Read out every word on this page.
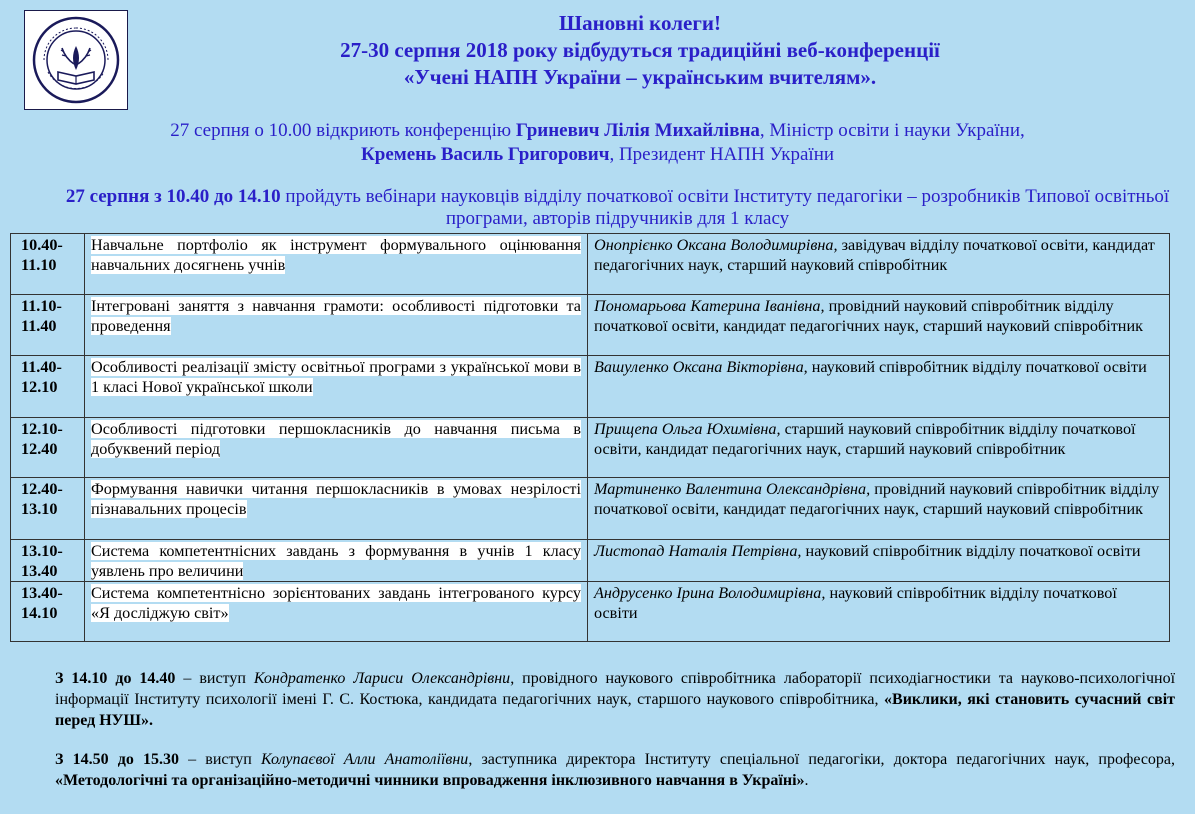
Шановні колеги!
27-30 серпня 2018 року відбудуться традиційні веб-конференції
«Учені НАПН України – українським вчителям».
27 серпня о 10.00 відкриють конференцію Гриневич Лілія Михайлівна, Міністр освіти і науки України,
Кремень Василь Григорович, Президент НАПН України
27 серпня з 10.40 до 14.10 пройдуть вебінари науковців відділу початкової освіти Інституту педагогіки – розробників Типової освітньої програми, авторів підручників для 1 класу
10.40-
11.10	Навчальне портфоліо як інструмент формувального оцінювання навчальних досягнень учнів	Онопрієнко Оксана Володимирівна, завідувач відділу початкової освіти, кандидат педагогічних наук, старший науковий співробітник

11.10-
11.40	Інтегровані заняття з навчання грамоти: особливості підготовки та проведення	Пономарьова Катерина Іванівна, провідний науковий співробітник відділу початкової освіти, кандидат педагогічних наук, старший науковий співробітник

11.40-
12.10	Особливості реалізації змісту освітньої програми з української мови в 1 класі Нової української школи	Вашуленко Оксана Вікторівна, науковий співробітник відділу початкової освіти

12.10-
12.40	Особливості підготовки першокласників до навчання письма в добуквений період	Прищепа Ольга Юхимівна, старший науковий співробітник відділу початкової освіти, кандидат педагогічних наук, старший науковий співробітник

12.40-
13.10	Формування навички читання першокласників в умовах незрілості пізнавальних процесів	Мартиненко Валентина Олександрівна, провідний науковий співробітник відділу початкової освіти, кандидат педагогічних наук, старший науковий співробітник

13.10-
13.40	Система компетентнісних завдань з формування в учнів 1 класу уявлень про величини	Листопад Наталія Петрівна, науковий співробітник відділу початкової освіти

13.40-
14.10	Система компетентнісно зорієнтованих завдань інтегрованого курсу «Я досліджую світ»	Андрусенко Ірина Володимирівна, науковий співробітник відділу початкової освіти

З 14.10 до 14.40 – виступ Кондратенко Лариси Олександрівни, провідного наукового співробітника лабораторії психодіагностики та науково-психологічної інформації Інституту психології імені Г. С. Костюка, кандидата педагогічних наук, старшого наукового співробітника, «Виклики, які становить сучасний світ перед НУШ».

З 14.50 до 15.30 – виступ Колупаєвої Алли Анатоліївни, заступника директора Інституту спеціальної педагогіки, доктора педагогічних наук, професора, «Методологічні та організаційно-методичні чинники впровадження інклюзивного навчання в Україні».
